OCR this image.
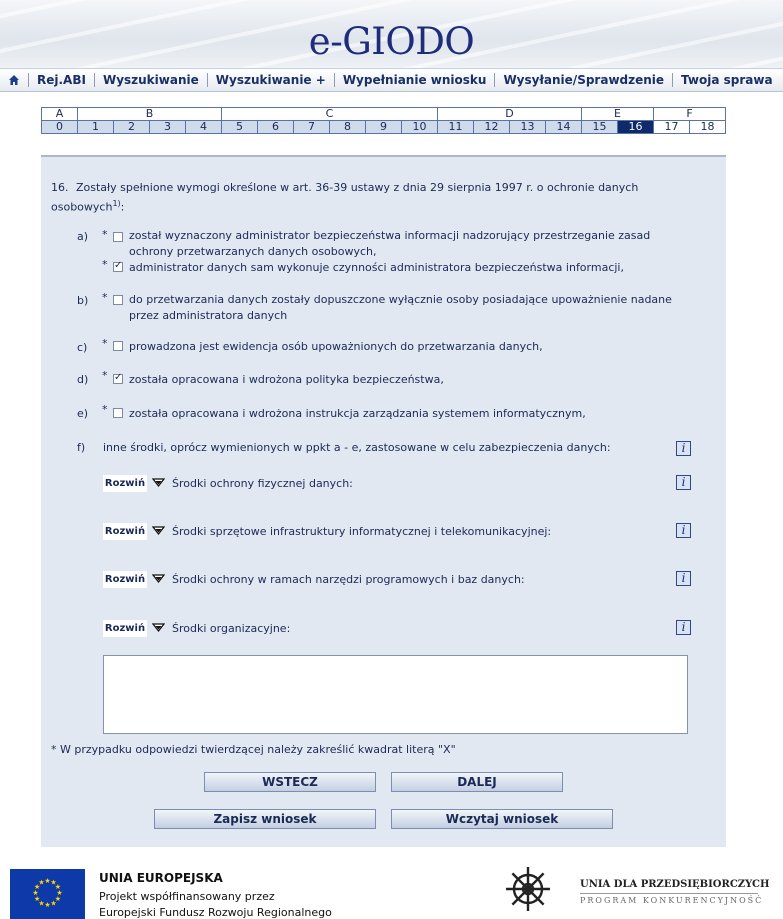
e-GIODO
Rej.ABI	Wyszukiwanie	Wyszukiwanie +	Wypełnianie wniosku	Wysyłanie/Sprawdzenie	Twoja sprawa
A	B				C						D				E		F	
0	1	2	3	4	5	6	7	8	9	10	11	12	13	14	15	16	17	18
16. Zostały spełnione wymogi określone w art. 36-39 ustawy z dnia 29 sierpnia 1997 r. o ochronie danych
osobowych$^{1)}$:
a) * został wyznaczony administrator bezpieczeństwa informacji nadzorujący przestrzeganie zasad
ochrony przetwarzanych danych osobowych,
* ✓ administrator danych sam wykonuje czynności administratora bezpieczeństwa informacji,
b) * do przetwarzania danych zostały dopuszczone wyłącznie osoby posiadające upoważnienie nadane
przez administratora danych
c) * prowadzona jest ewidencja osób upoważnionych do przetwarzania danych,
d) * ✓ została opracowana i wdrożona polityka bezpieczeństwa,
e) * została opracowana i wdrożona instrukcja zarządzania systemem informatycznym,
f) inne środki, oprócz wymienionych w ppkt a - e, zastosowane w celu zabezpieczenia danych:	i
Rozwiń Środki ochrony fizycznej danych:	i
Rozwiń Środki sprzętowe infrastruktury informatycznej i telekomunikacyjnej:	i
Rozwiń Środki ochrony w ramach narzędzi programowych i baz danych:	i
Rozwiń Środki organizacyjne:	i
* W przypadku odpowiedzi twierdzącej należy zakreślić kwadrat literą "X"
WSTECZ	DALEJ
Zapisz wniosek	Wczytaj wniosek
★ ★
★
★
★
★
★
★
★
★
★
★	UNIA EUROPEJSKA
Projekt współfinansowany przez
Europejski Fundusz Rozwoju Regionalnego
UNIA DLA PRZEDSIĘBIORCZYCH
PROGRAM KONKURENCYJNOŚĆ
